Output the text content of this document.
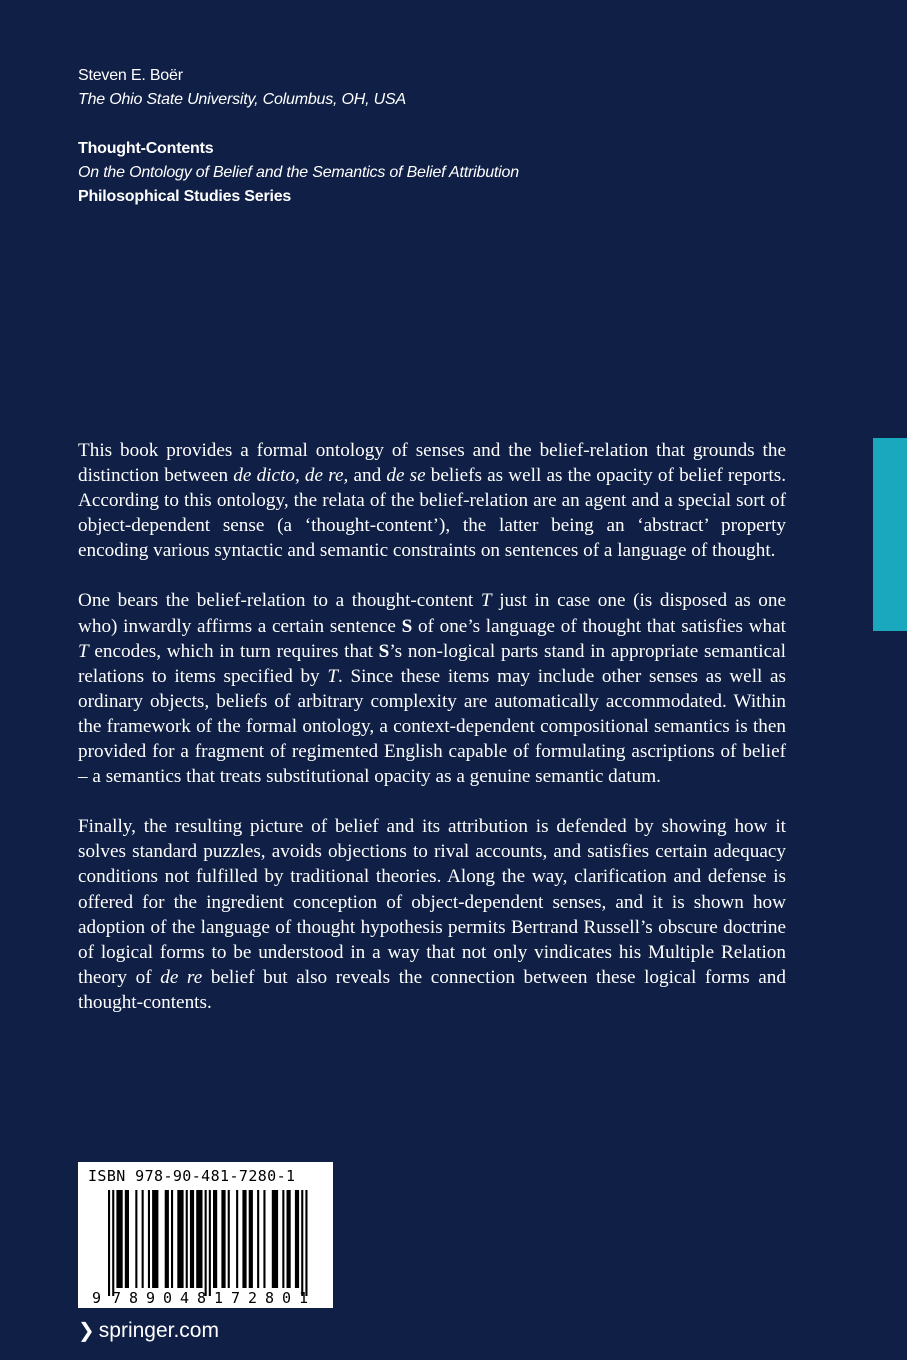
Steven E. Boër
The Ohio State University, Columbus, OH, USA
Thought-Contents
On the Ontology of Belief and the Semantics of Belief Attribution
Philosophical Studies Series

This book provides a formal ontology of senses and the belief-relation that grounds the distinction between de dicto, de re, and de se beliefs as well as the opacity of belief reports. According to this ontology, the relata of the belief-relation are an agent and a special sort of object-dependent sense (a ‘thought-content’), the latter being an ‘abstract’ property encoding various syntactic and semantic constraints on sentences of a language of thought.

One bears the belief-relation to a thought-content T just in case one (is disposed as one who) inwardly affirms a certain sentence S of one’s language of thought that satisfies what T encodes, which in turn requires that S’s non-logical parts stand in appropriate semantical relations to items specified by T. Since these items may include other senses as well as ordinary objects, beliefs of arbitrary complexity are automatically accommodated. Within the framework of the formal ontology, a context-dependent compositional semantics is then provided for a fragment of regimented English capable of formulating ascriptions of belief – a semantics that treats substitutional opacity as a genuine semantic datum.

Finally, the resulting picture of belief and its attribution is defended by showing how it solves standard puzzles, avoids objections to rival accounts, and satisfies certain adequacy conditions not fulfilled by traditional theories. Along the way, clarification and defense is offered for the ingredient conception of object-dependent senses, and it is shown how adoption of the language of thought hypothesis permits Bertrand Russell’s obscure doctrine of logical forms to be understood in a way that not only vindicates his Multiple Relation theory of de re belief but also reveals the connection between these logical forms and thought-contents.

ISBN 978-90-481-7280-1
9 789048 172801
❯ springer.com
